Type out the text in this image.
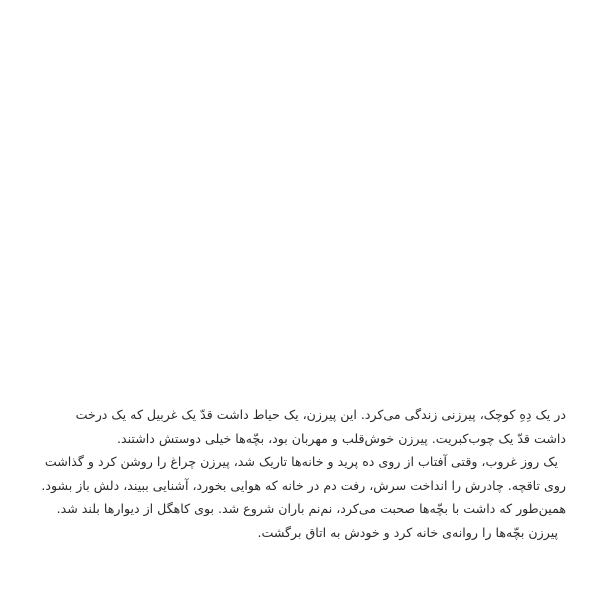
در یک دِهِ کوچک، پیرزنی زندگی می‌کرد. این پیرزن، یک حیاط داشت قدّ یک غربیل که یک درخت
داشت قدّ یک چوب‌کبریت. پیرزن خوش‌قلب و مهربان بود، بچّه‌ها خیلی دوستش داشتند.

یک روز غروب، وقتی آفتاب از روی ده پرید و خانه‌ها تاریک شد، پیرزن چراغ را روشن کرد و گذاشت
روی تاقچه. چادرش را انداخت سرش، رفت دم در خانه که هوایی بخورد، آشنایی ببیند، دلش باز بشود.
همین‌طور که داشت با بچّه‌ها صحبت می‌کرد، نم‌نم باران شروع شد. بوی کاهگل از دیوارها بلند شد.
پیرزن بچّه‌ها را روانه‌ی خانه کرد و خودش به اتاق برگشت.
